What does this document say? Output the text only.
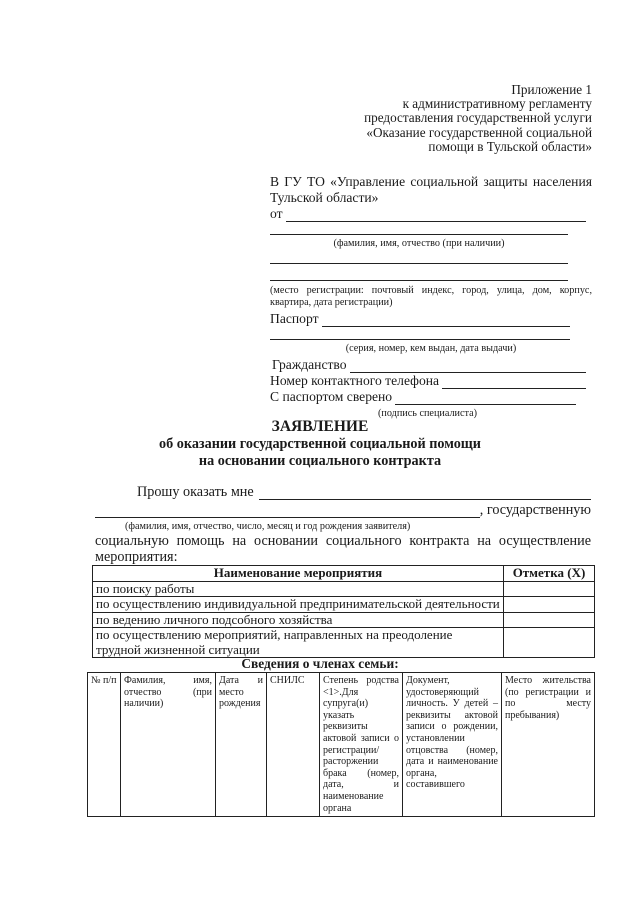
Приложение 1
к административному регламенту
предоставления государственной услуги
«Оказание государственной социальной
помощи в Тульской области»
В ГУ ТО «Управление социальной защиты населения
Тульской области»
от
(фамилия, имя, отчество (при наличии)
(место регистрации: почтовый индекс, город, улица, дом, корпус,
квартира, дата регистрации)
Паспорт
(серия, номер, кем выдан, дата выдачи)
Гражданство
Номер контактного телефона
С паспортом сверено
(подпись специалиста)
ЗАЯВЛЕНИЕ
об оказании государственной социальной помощи
на основании социального контракта
Прошу оказать мне
, государственную
(фамилия, имя, отчество, число, месяц и год рождения заявителя)
социальную помощь на основании социального контракта на осуществление
мероприятия:
Наименование мероприятия	Отметка (X)
по поиску работы	
по осуществлению индивидуальной предпринимательской деятельности	
по ведению личного подсобного хозяйства	
по осуществлению мероприятий, направленных на преодоление трудной жизненной ситуации	
Сведения о членах семьи:
№ п/п	Фамилия, имя, отчество (при наличии)	Дата и место рождения	СНИЛС	Степень родства <1>.Для супруга(и) указать реквизиты актовой записи о регистрации/ расторжении брака (номер, дата, и наименование органа	Документ, удостоверяющий личность. У детей – реквизиты актовой записи о рождении, установлении отцовства (номер, дата и наименование органа, составившего	Место жительства (по регистрации и по месту пребывания)
